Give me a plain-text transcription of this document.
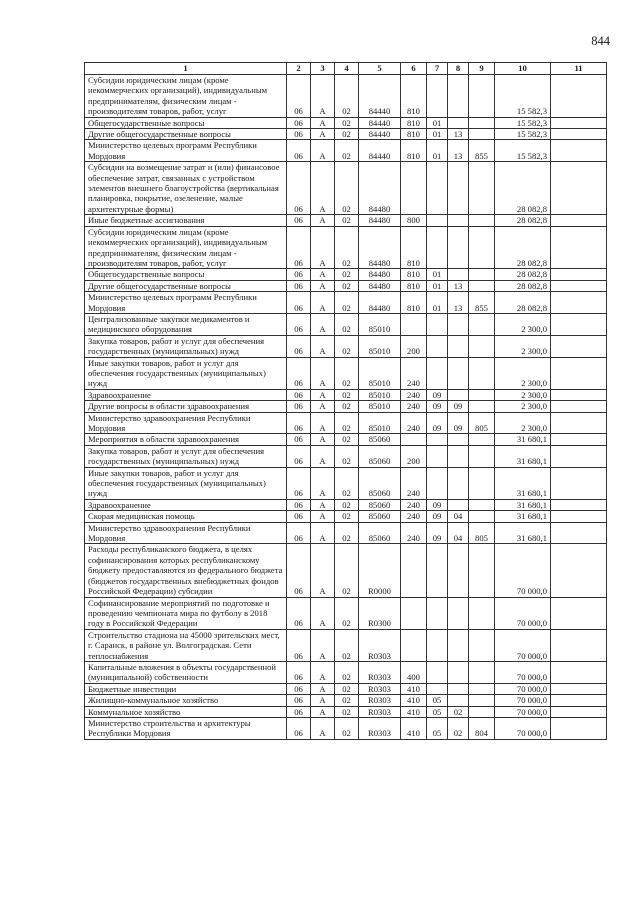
844
1	2	3	4	5	6	7	8	9	10	11
Субсидии юридическим лицам (кроме некоммерческих организаций), индивидуальным предпринимателям, физическим лицам - производителям товаров, работ, услуг	06	А	02	84440	810				15 582,3	
Общегосударственные вопросы	06	А	02	84440	810	01			15 582,3	
Другие общегосударственные вопросы	06	А	02	84440	810	01	13		15 582,3	
Министерство целевых программ Республики Мордовия	06	А	02	84440	810	01	13	855	15 582,3	
Субсидии на возмещение затрат и (или) финансовое обеспечение затрат, связанных с устройством элементов внешнего благоустройства (вертикальная планировка, покрытие, озеленение, малые архитектурные формы)	06	А	02	84480					28 082,8	
Иные бюджетные ассигнования	06	А	02	84480	800				28 082,8	
Субсидии юридическим лицам (кроме некоммерческих организаций), индивидуальным предпринимателям, физическим лицам - производителям товаров, работ, услуг	06	А	02	84480	810				28 082,8	
Общегосударственные вопросы	06	А	02	84480	810	01			28 082,8	
Другие общегосударственные вопросы	06	А	02	84480	810	01	13		28 082,8	
Министерство целевых программ Республики Мордовия	06	А	02	84480	810	01	13	855	28 082,8	
Централизованные закупки медикаментов и медицинского оборудования	06	А	02	85010					2 300,0	
Закупка товаров, работ и услуг для обеспечения государственных (муниципальных) нужд	06	А	02	85010	200				2 300,0	
Иные закупки товаров, работ и услуг для обеспечения государственных (муниципальных) нужд	06	А	02	85010	240				2 300,0	
Здравоохранение	06	А	02	85010	240	09			2 300,0	
Другие вопросы в области здравоохранения	06	А	02	85010	240	09	09		2 300,0	
Министерство здравоохранения Республики Мордовия	06	А	02	85010	240	09	09	805	2 300,0	
Мероприятия в области здравоохранения	06	А	02	85060					31 680,1	
Закупка товаров, работ и услуг для обеспечения государственных (муниципальных) нужд	06	А	02	85060	200				31 680,1	
Иные закупки товаров, работ и услуг для обеспечения государственных (муниципальных) нужд	06	А	02	85060	240				31 680,1	
Здравоохранение	06	А	02	85060	240	09			31 680,1	
Скорая медицинская помощь	06	А	02	85060	240	09	04		31 680,1	
Министерство здравоохранения Республики Мордовия	06	А	02	85060	240	09	04	805	31 680,1	
Расходы республиканского бюджета, в целях софинансирования которых республиканскому бюджету предоставляются из федерального бюджета (бюджетов государственных внебюджетных фондов Российской Федерации) субсидии	06	А	02	R0000					70 000,0	
Софинансирование мероприятий по подготовке и проведению чемпионата мира по футболу в 2018 году в Российской Федерации	06	А	02	R0300					70 000,0	
Строительство стадиона на 45000 зрительских мест, г. Саранск, в районе ул. Волгоградская. Сети теплоснабжения	06	А	02	R0303					70 000,0	
Капитальные вложения в объекты государственной (муниципальной) собственности	06	А	02	R0303	400				70 000,0	
Бюджетные инвестиции	06	А	02	R0303	410				70 000,0	
Жилищно-коммунальное хозяйство	06	А	02	R0303	410	05			70 000,0	
Коммунальное хозяйство	06	А	02	R0303	410	05	02		70 000,0	
Министерство строительства и архитектуры Республики Мордовия	06	А	02	R0303	410	05	02	804	70 000,0	
